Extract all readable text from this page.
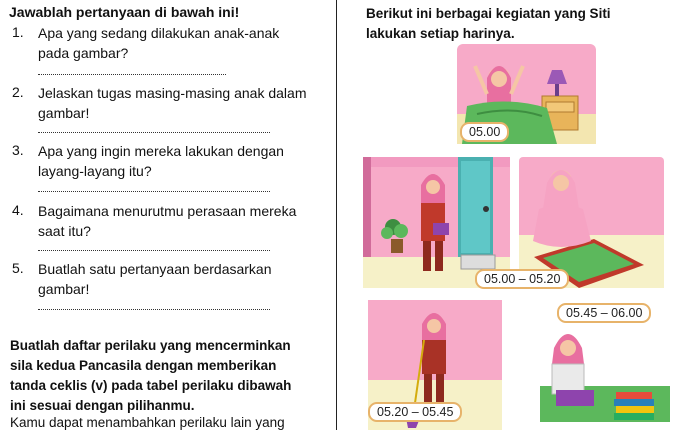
Jawablah pertanyaan di bawah ini!
1. Apa yang sedang dilakukan anak-anak
pada gambar?
2. Jelaskan tugas masing-masing anak dalam
gambar!
3. Apa yang ingin mereka lakukan dengan
layang-layang itu?
4. Bagaimana menurutmu perasaan mereka
saat itu?
5. Buatlah satu pertanyaan berdasarkan
gambar!
Buatlah daftar perilaku yang mencerminkan
sila kedua Pancasila dengan memberikan
tanda ceklis (v) pada tabel perilaku dibawah
ini sesuai dengan pilihanmu.
Kamu dapat menambahkan perilaku lain yang
Berikut ini berbagai kegiatan yang Siti
lakukan setiap harinya.
05.00
05.00 – 05.20
05.20 – 05.45
05.45 – 06.00
